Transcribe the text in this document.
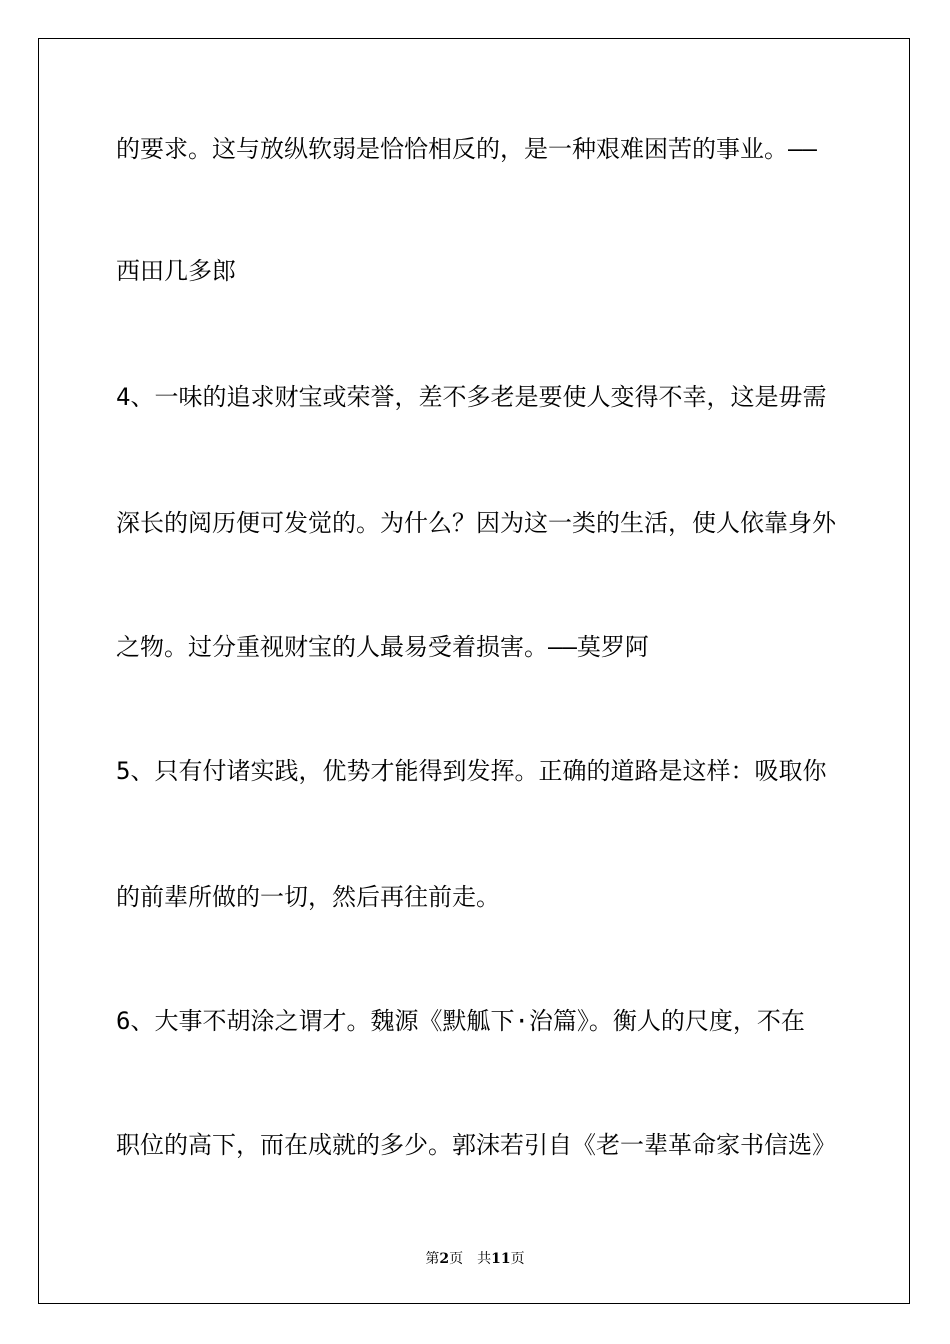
的要求。这与放纵软弱是恰恰相反的，是一种艰难困苦的事业。——
西田几多郎
4、一味的追求财宝或荣誉，差不多老是要使人变得不幸，这是毋需
深长的阅历便可发觉的。为什么？因为这一类的生活，使人依靠身外
之物。过分重视财宝的人最易受着损害。——莫罗阿
5、只有付诸实践，优势才能得到发挥。正确的道路是这样：吸取你
的前辈所做的一切，然后再往前走。
6、大事不胡涂之谓才。魏源《默觚下·治篇》。衡人的尺度，不在
职位的高下，而在成就的多少。郭沫若引自《老一辈革命家书信选》
第2页 共11页
